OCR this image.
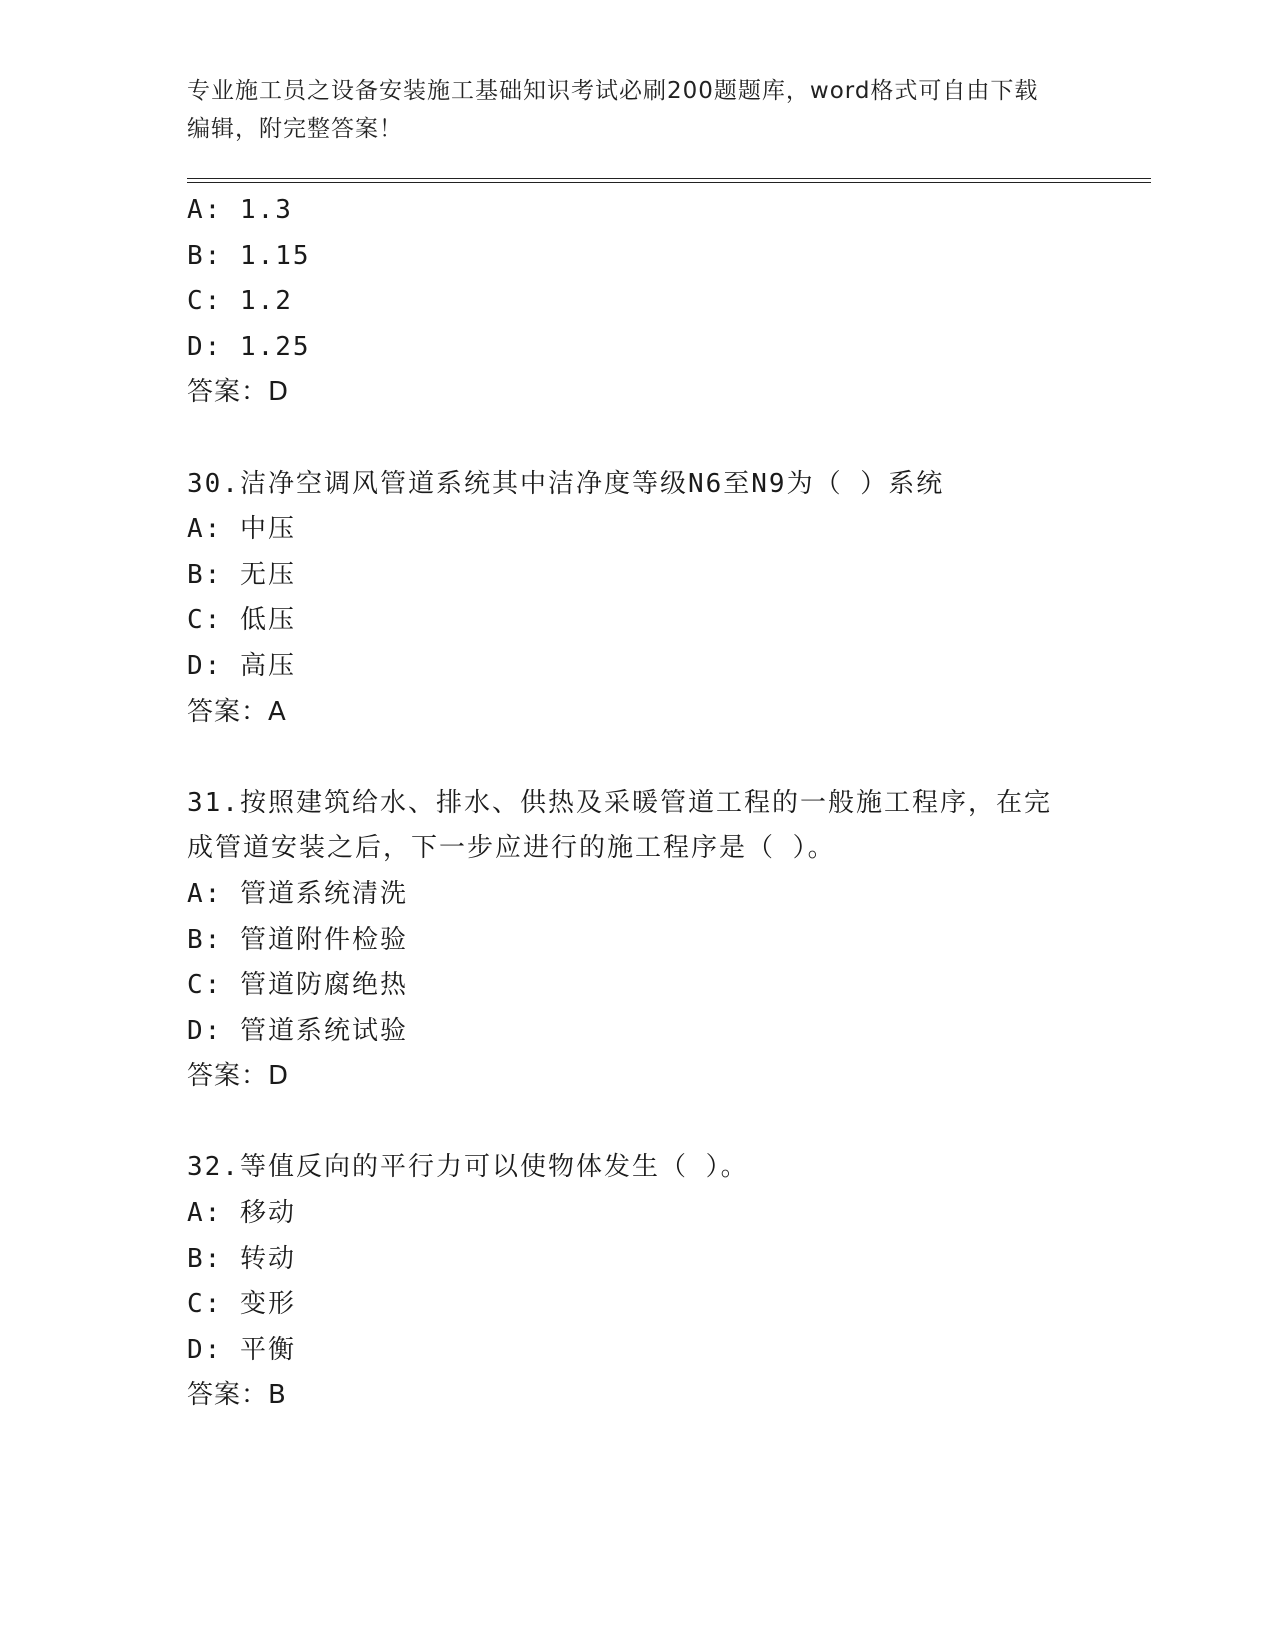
专业施工员之设备安装施工基础知识考试必刷200题题库，word格式可自由下载
编辑，附完整答案！
A: 1.3
B: 1.15
C: 1.2
D: 1.25
答案：D
30.洁净空调风管道系统其中洁净度等级N6至N9为（ ）系统
A: 中压
B: 无压
C: 低压
D: 高压
答案：A
31.按照建筑给水、排水、供热及采暖管道工程的一般施工程序，在完
成管道安装之后，下一步应进行的施工程序是（ ）。
A: 管道系统清洗
B: 管道附件检验
C: 管道防腐绝热
D: 管道系统试验
答案：D
32.等值反向的平行力可以使物体发生（ ）。
A: 移动
B: 转动
C: 变形
D: 平衡
答案：B
